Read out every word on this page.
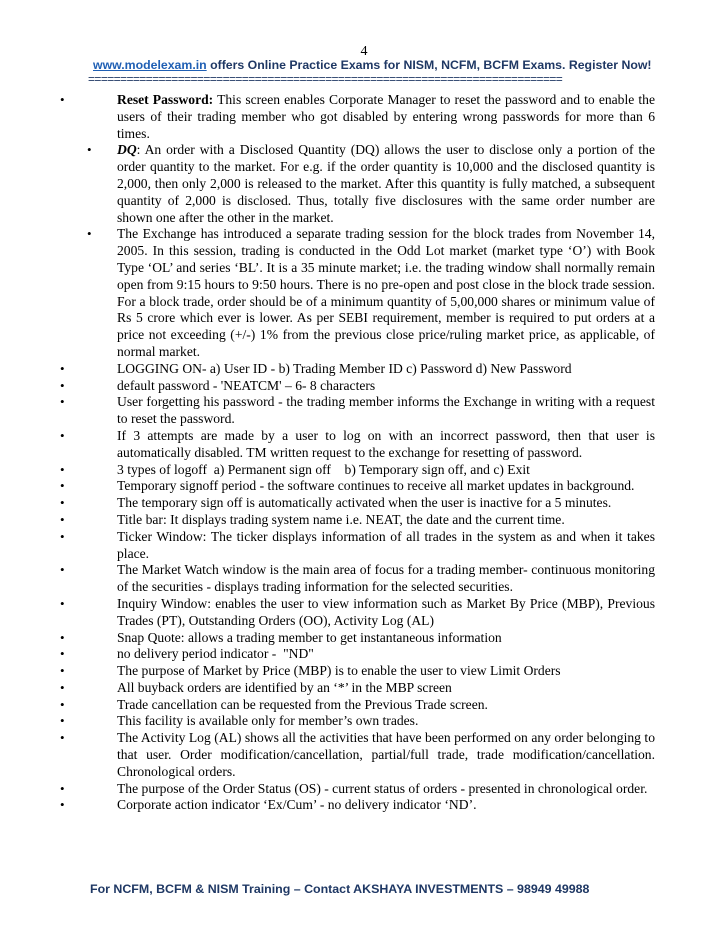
4
www.modelexam.in offers Online Practice Exams for NISM, NCFM, BCFM Exams. Register Now!
==========================================================================
•	Reset Password: This screen enables Corporate Manager to reset the password and to enable the users of their trading member who got disabled by entering wrong passwords for more than 6 times.
• DQ: An order with a Disclosed Quantity (DQ) allows the user to disclose only a portion of the order quantity to the market. For e.g. if the order quantity is 10,000 and the disclosed quantity is 2,000, then only 2,000 is released to the market. After this quantity is fully matched, a subsequent quantity of 2,000 is disclosed. Thus, totally five disclosures with the same order number are shown one after the other in the market.
• The Exchange has introduced a separate trading session for the block trades from November 14, 2005. In this session, trading is conducted in the Odd Lot market (market type ‘O’) with Book Type ‘OL’ and series ‘BL’. It is a 35 minute market; i.e. the trading window shall normally remain open from 9:15 hours to 9:50 hours. There is no pre-open and post close in the block trade session. For a block trade, order should be of a minimum quantity of 5,00,000 shares or minimum value of Rs 5 crore which ever is lower. As per SEBI requirement, member is required to put orders at a price not exceeding (+/-) 1% from the previous close price/ruling market price, as applicable, of normal market.
•	LOGGING ON- a) User ID - b) Trading Member ID c) Password d) New Password
•	default password - 'NEATCM' – 6- 8 characters
•	User forgetting his password - the trading member informs the Exchange in writing with a request to reset the password.
•	If 3 attempts are made by a user to log on with an incorrect password, then that user is automatically disabled. TM written request to the exchange for resetting of password.
•	3 types of logoff  a) Permanent sign off    b) Temporary sign off, and c) Exit
•	Temporary signoff period - the software continues to receive all market updates in background.
•	The temporary sign off is automatically activated when the user is inactive for a 5 minutes.
•	Title bar: It displays trading system name i.e. NEAT, the date and the current time.
•	Ticker Window: The ticker displays information of all trades in the system as and when it takes place.
•	The Market Watch window is the main area of focus for a trading member- continuous monitoring of the securities - displays trading information for the selected securities.
•	Inquiry Window: enables the user to view information such as Market By Price (MBP), Previous Trades (PT), Outstanding Orders (OO), Activity Log (AL)
•	Snap Quote: allows a trading member to get instantaneous information
•	no delivery period indicator -  "ND"
•	The purpose of Market by Price (MBP) is to enable the user to view Limit Orders
•	All buyback orders are identified by an ‘*’ in the MBP screen
•	Trade cancellation can be requested from the Previous Trade screen.
•	This facility is available only for member’s own trades.
•	The Activity Log (AL) shows all the activities that have been performed on any order belonging to that user. Order modification/cancellation, partial/full trade, trade modification/cancellation. Chronological orders.
•	The purpose of the Order Status (OS) - current status of orders - presented in chronological order.
•	Corporate action indicator ‘Ex/Cum’ - no delivery indicator ‘ND’.
For NCFM, BCFM & NISM Training – Contact AKSHAYA INVESTMENTS – 98949 49988
